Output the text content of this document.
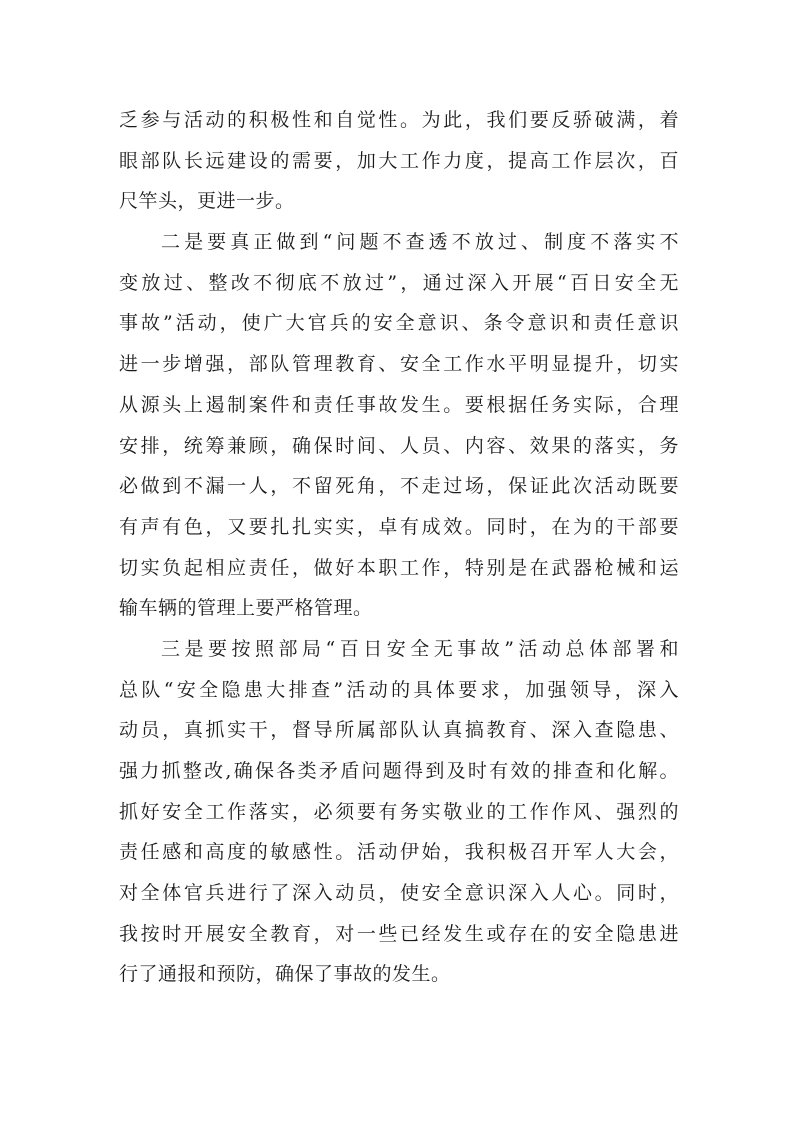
乏参与活动的积极性和自觉性。为此，我们要反骄破满，着
眼部队长远建设的需要，加大工作力度，提高工作层次，百
尺竿头，更进一步。
二是要真正做到“问题不查透不放过、制度不落实不
变放过、整改不彻底不放过”，通过深入开展“百日安全无
事故”活动，使广大官兵的安全意识、条令意识和责任意识
进一步增强，部队管理教育、安全工作水平明显提升，切实
从源头上遏制案件和责任事故发生。要根据任务实际，合理
安排，统筹兼顾，确保时间、人员、内容、效果的落实，务
必做到不漏一人，不留死角，不走过场，保证此次活动既要
有声有色，又要扎扎实实，卓有成效。同时，在为的干部要
切实负起相应责任，做好本职工作，特别是在武器枪械和运
输车辆的管理上要严格管理。
三是要按照部局“百日安全无事故”活动总体部署和
总队“安全隐患大排查”活动的具体要求，加强领导，深入
动员，真抓实干，督导所属部队认真搞教育、深入查隐患、
强力抓整改,确保各类矛盾问题得到及时有效的排查和化解。
抓好安全工作落实，必须要有务实敬业的工作作风、强烈的
责任感和高度的敏感性。活动伊始，我积极召开军人大会，
对全体官兵进行了深入动员，使安全意识深入人心。同时，
我按时开展安全教育，对一些已经发生或存在的安全隐患进
行了通报和预防，确保了事故的发生。
